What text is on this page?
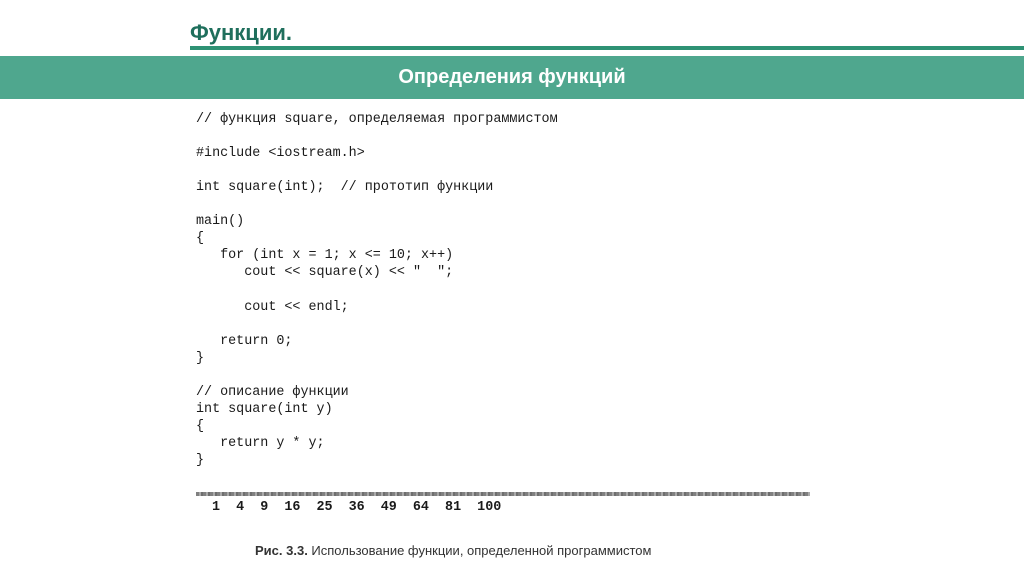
Функции.
Определения функций
// функция square, определяемая программистом
#include <iostream.h>
int square(int);  // прототип функции
main()
{
for (int x = 1; x <= 10; x++)
cout << square(x) << "  ";
cout << endl;
return 0;
}
// описание функции
int square(int y)
{
return y * y;
}
1  4  9  16  25  36  49  64  81  100
Рис. 3.3. Использование функции, определенной программистом
